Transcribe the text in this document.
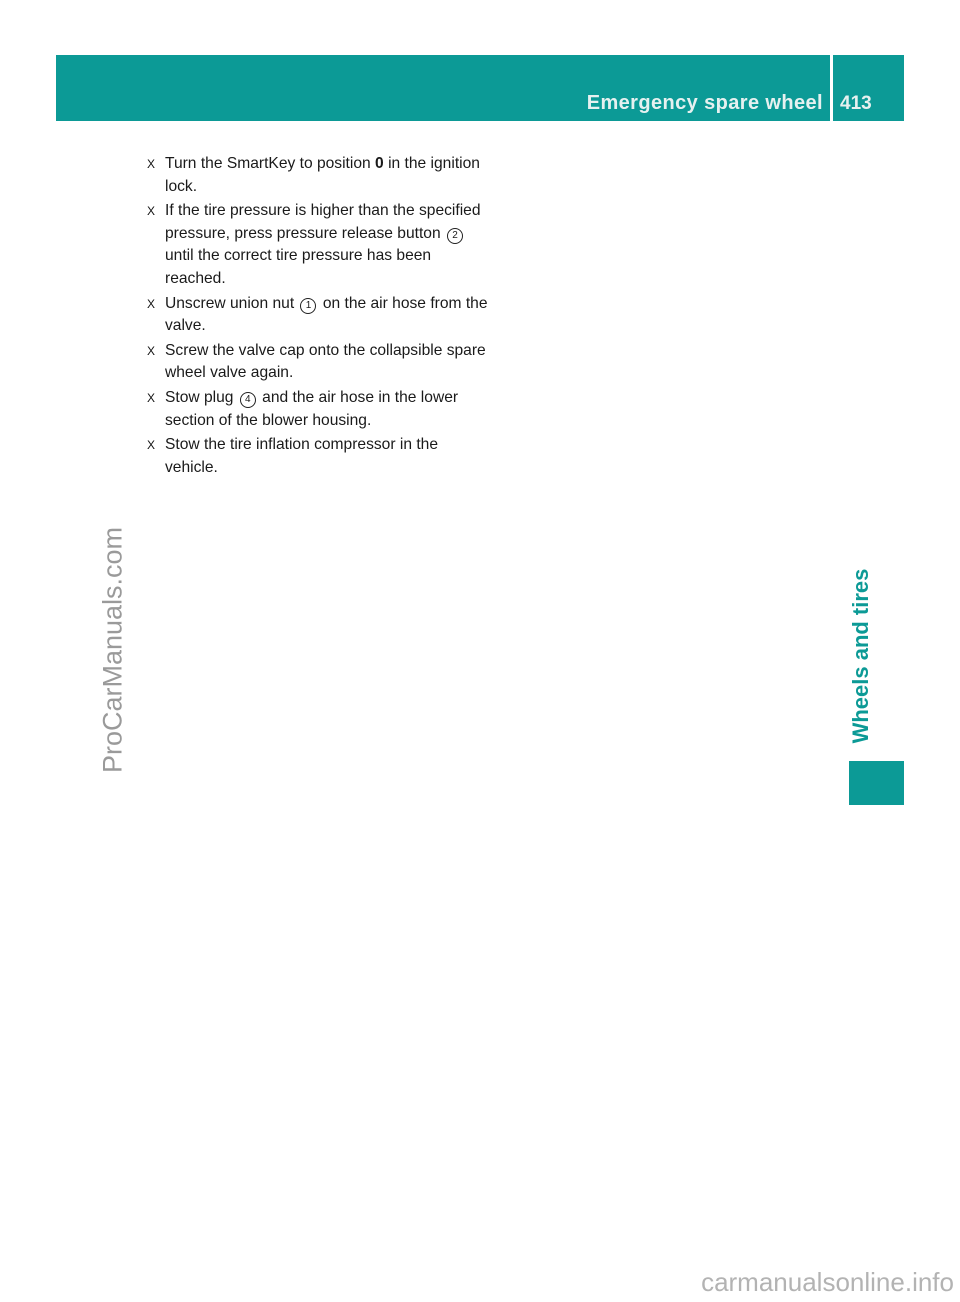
Emergency spare wheel 413
X Turn the SmartKey to position 0 in the ignition lock.
X If the tire pressure is higher than the specified pressure, press pressure release button 2 until the correct tire pressure has been reached.
X Unscrew union nut 1 on the air hose from the valve.
X Screw the valve cap onto the collapsible spare wheel valve again.
X Stow plug 4 and the air hose in the lower section of the blower housing.
X Stow the tire inflation compressor in the vehicle.
ProCarManuals.com	Wheels and tires
carmanualsonline.info
